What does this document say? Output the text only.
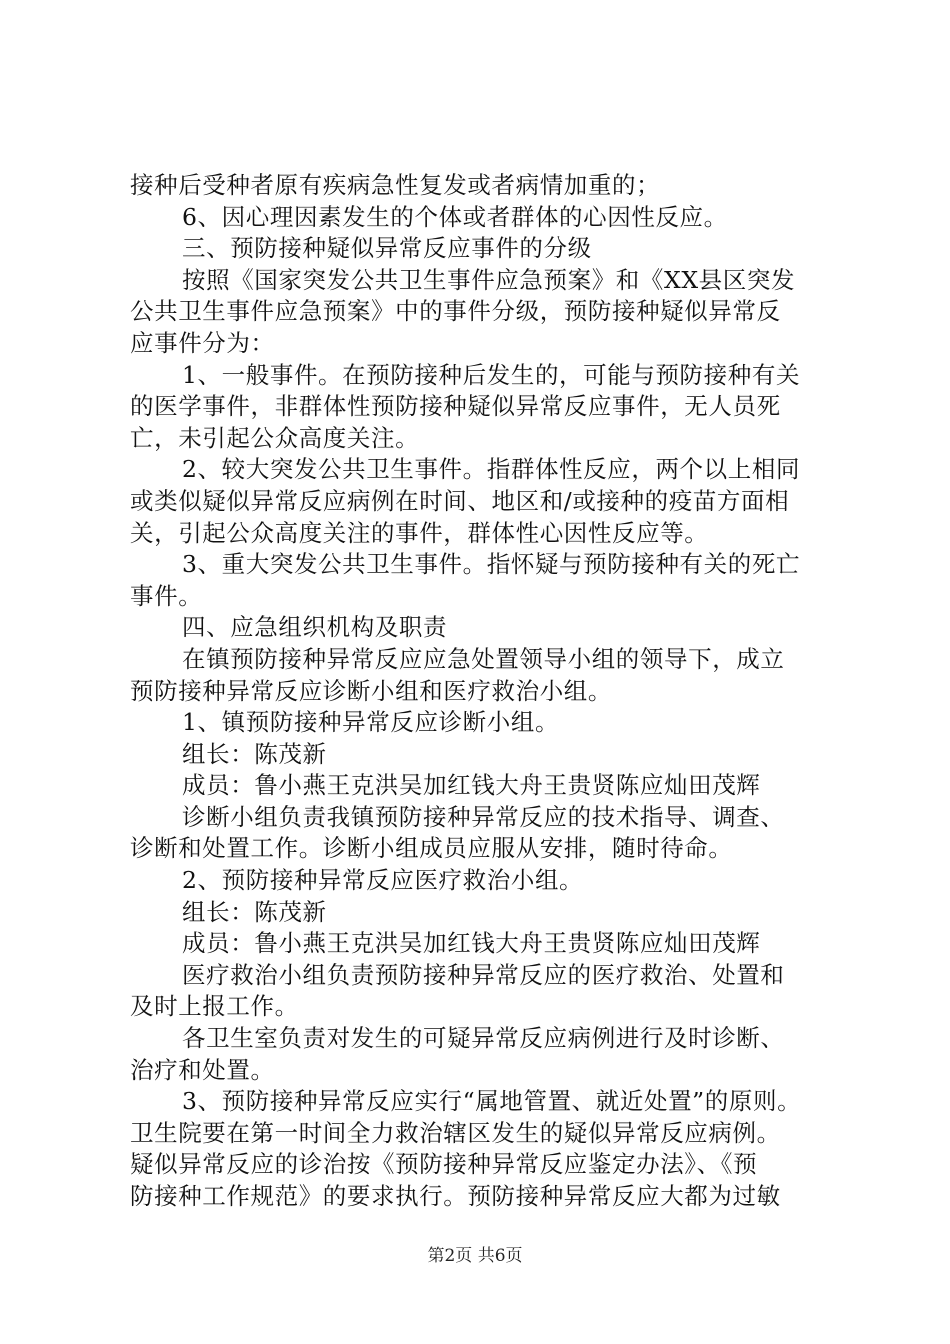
接种后受种者原有疾病急性复发或者病情加重的；
6、因心理因素发生的个体或者群体的心因性反应。
三、预防接种疑似异常反应事件的分级
按照《国家突发公共卫生事件应急预案》和《XX县区突发
公共卫生事件应急预案》中的事件分级，预防接种疑似异常反
应事件分为：
1、一般事件。在预防接种后发生的，可能与预防接种有关
的医学事件，非群体性预防接种疑似异常反应事件，无人员死
亡，未引起公众高度关注。
2、较大突发公共卫生事件。指群体性反应，两个以上相同
或类似疑似异常反应病例在时间、地区和/或接种的疫苗方面相
关，引起公众高度关注的事件，群体性心因性反应等。
3、重大突发公共卫生事件。指怀疑与预防接种有关的死亡
事件。
四、应急组织机构及职责
在镇预防接种异常反应应急处置领导小组的领导下，成立
预防接种异常反应诊断小组和医疗救治小组。
1、镇预防接种异常反应诊断小组。
组长：陈茂新
成员：鲁小燕王克洪吴加红钱大舟王贵贤陈应灿田茂辉
诊断小组负责我镇预防接种异常反应的技术指导、调查、
诊断和处置工作。诊断小组成员应服从安排，随时待命。
2、预防接种异常反应医疗救治小组。
组长：陈茂新
成员：鲁小燕王克洪吴加红钱大舟王贵贤陈应灿田茂辉
医疗救治小组负责预防接种异常反应的医疗救治、处置和
及时上报工作。
各卫生室负责对发生的可疑异常反应病例进行及时诊断、
治疗和处置。
3、预防接种异常反应实行“属地管置、就近处置”的原则。
卫生院要在第一时间全力救治辖区发生的疑似异常反应病例。
疑似异常反应的诊治按《预防接种异常反应鉴定办法》、《预
防接种工作规范》的要求执行。预防接种异常反应大都为过敏
第2页 共6页
